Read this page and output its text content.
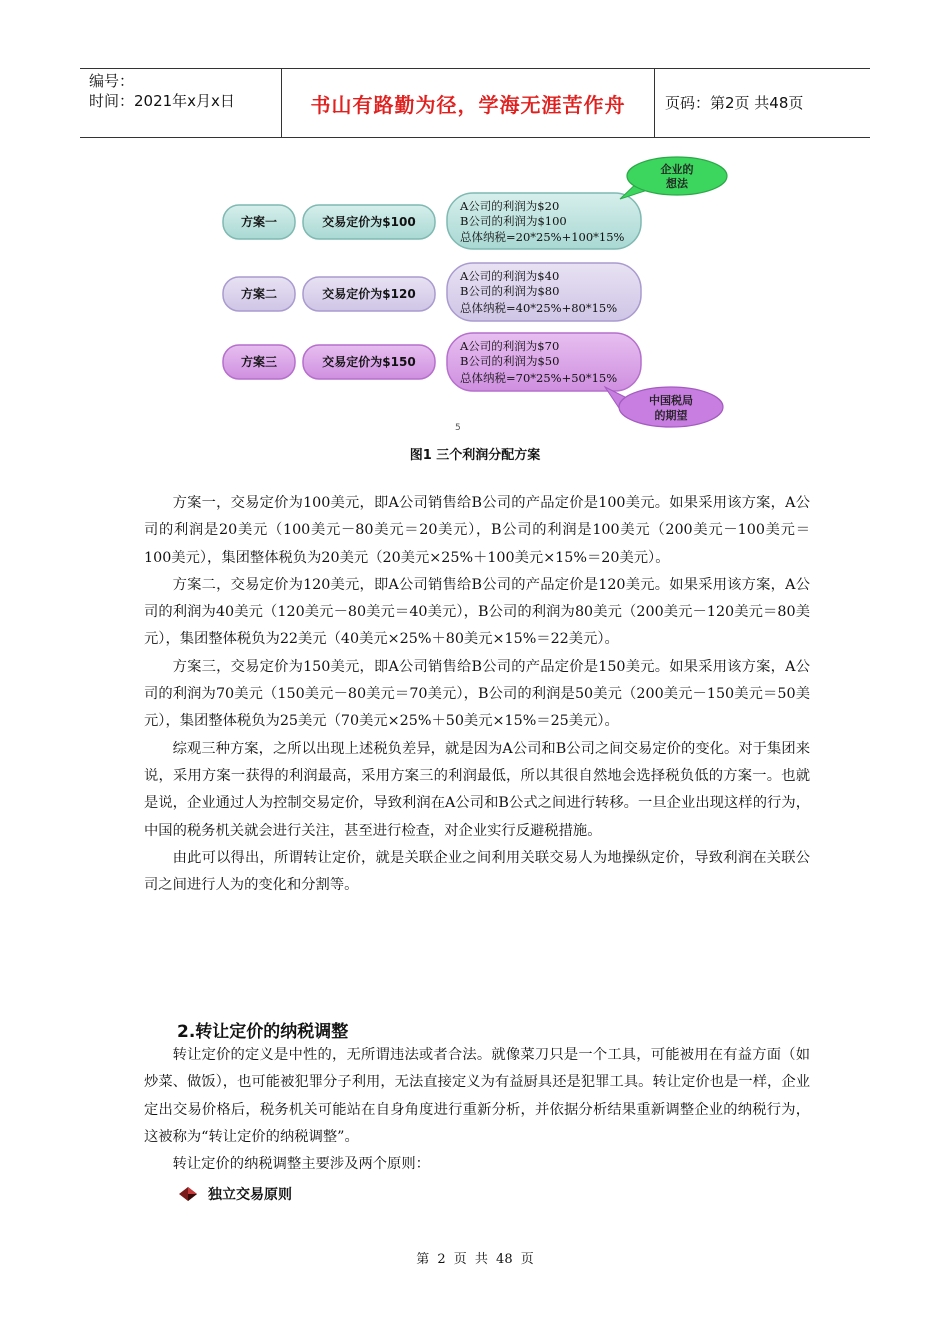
编号：
时间：2021年x月x日	书山有路勤为径，学海无涯苦作舟	页码：第2页 共48页
方案一	交易定价为$100
A公司的利润为$20
B公司的利润为$100
总体纳税=20*25%+100*15%
方案二	交易定价为$120
A公司的利润为$40
B公司的利润为$80
总体纳税=40*25%+80*15%
方案三	交易定价为$150
A公司的利润为$70
B公司的利润为$50
总体纳税=70*25%+50*15%
企业的
想法
中国税局
的期望
5
图1 三个利润分配方案

方案一，交易定价为100美元，即A公司销售给B公司的产品定价是100美元。如果采用该方案，A公司的利润是20美元（100美元－80美元＝20美元），B公司的利润是100美元（200美元－100美元＝100美元），集团整体税负为20美元（20美元×25%＋100美元×15%＝20美元）。

方案二，交易定价为120美元，即A公司销售给B公司的产品定价是120美元。如果采用该方案，A公司的利润为40美元（120美元－80美元＝40美元），B公司的利润为80美元（200美元－120美元＝80美元），集团整体税负为22美元（40美元×25%＋80美元×15%＝22美元）。

方案三，交易定价为150美元，即A公司销售给B公司的产品定价是150美元。如果采用该方案，A公司的利润为70美元（150美元－80美元＝70美元），B公司的利润是50美元（200美元－150美元＝50美元），集团整体税负为25美元（70美元×25%＋50美元×15%＝25美元）。

综观三种方案，之所以出现上述税负差异，就是因为A公司和B公司之间交易定价的变化。对于集团来说，采用方案一获得的利润最高，采用方案三的利润最低，所以其很自然地会选择税负低的方案一。也就是说，企业通过人为控制交易定价，导致利润在A公司和B公式之间进行转移。一旦企业出现这样的行为，中国的税务机关就会进行关注，甚至进行检查，对企业实行反避税措施。

由此可以得出，所谓转让定价，就是关联企业之间利用关联交易人为地操纵定价，导致利润在关联公司之间进行人为的变化和分割等。

2.转让定价的纳税调整

转让定价的定义是中性的，无所谓违法或者合法。就像菜刀只是一个工具，可能被用在有益方面（如炒菜、做饭），也可能被犯罪分子利用，无法直接定义为有益厨具还是犯罪工具。转让定价也是一样，企业定出交易价格后，税务机关可能站在自身角度进行重新分析，并依据分析结果重新调整企业的纳税行为，这被称为“转让定价的纳税调整”。

转让定价的纳税调整主要涉及两个原则：

独立交易原则
第 2 页 共 48 页
